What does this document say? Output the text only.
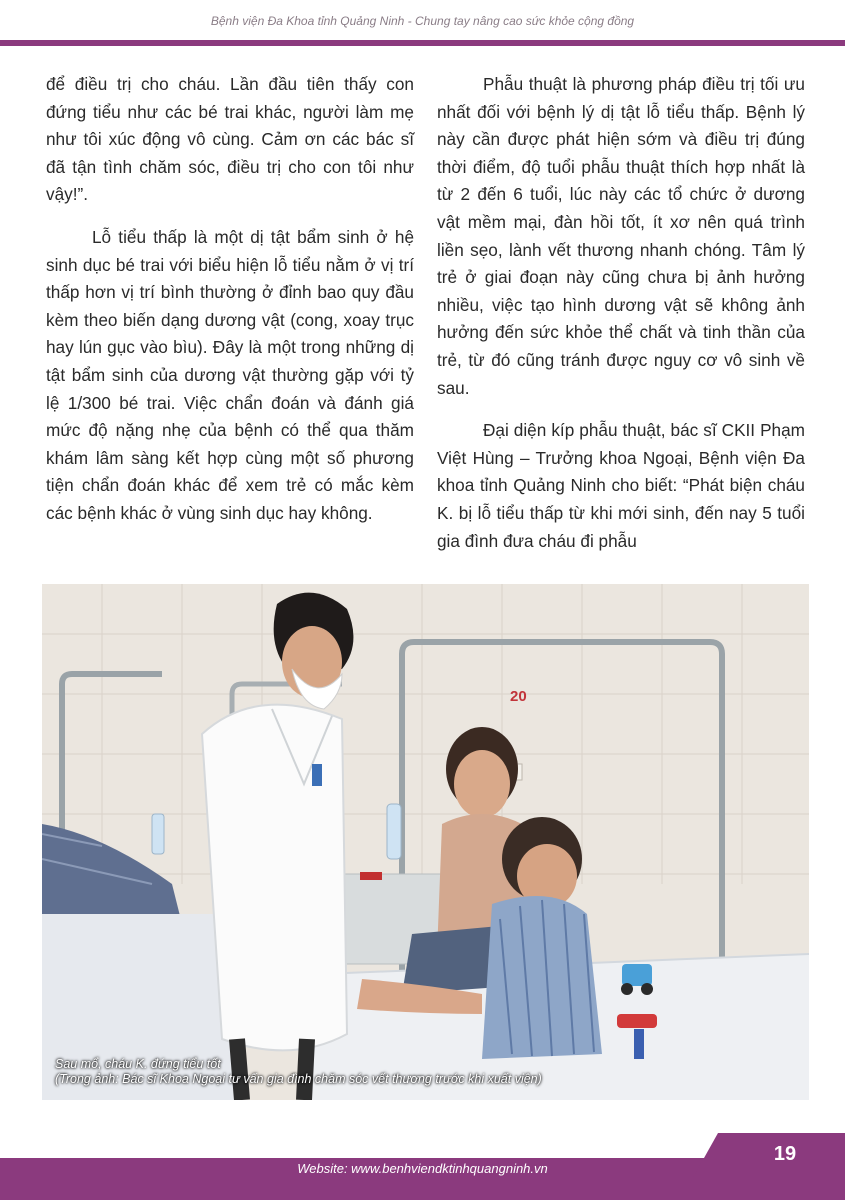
Bệnh viện Đa Khoa tỉnh Quảng Ninh - Chung tay nâng cao sức khỏe cộng đồng

để điều trị cho cháu. Lần đầu tiên thấy con đứng tiểu như các bé trai khác, người làm mẹ như tôi xúc động vô cùng. Cảm ơn các bác sĩ đã tận tình chăm sóc, điều trị cho con tôi như vậy!”.

Lỗ tiểu thấp là một dị tật bẩm sinh ở hệ sinh dục bé trai với biểu hiện lỗ tiểu nằm ở vị trí thấp hơn vị trí bình thường ở đỉnh bao quy đầu kèm theo biến dạng dương vật (cong, xoay trục hay lún gục vào bìu). Đây là một trong những dị tật bẩm sinh của dương vật thường gặp với tỷ lệ 1/300 bé trai. Việc chẩn đoán và đánh giá mức độ nặng nhẹ của bệnh có thể qua thăm khám lâm sàng kết hợp cùng một số phương tiện chẩn đoán khác để xem trẻ có mắc kèm các bệnh khác ở vùng sinh dục hay không.

Phẫu thuật là phương pháp điều trị tối ưu nhất đối với bệnh lý dị tật lỗ tiểu thấp. Bệnh lý này cần được phát hiện sớm và điều trị đúng thời điểm, độ tuổi phẫu thuật thích hợp nhất là từ 2 đến 6 tuổi, lúc này các tổ chức ở dương vật mềm mại, đàn hồi tốt, ít xơ nên quá trình liền sẹo, lành vết thương nhanh chóng. Tâm lý trẻ ở giai đoạn này cũng chưa bị ảnh hưởng nhiều, việc tạo hình dương vật sẽ không ảnh hưởng đến sức khỏe thể chất và tinh thần của trẻ, từ đó cũng tránh được nguy cơ vô sinh về sau.

Đại diện kíp phẫu thuật, bác sĩ CKII Phạm Việt Hùng – Trưởng khoa Ngoại, Bệnh viện Đa khoa tỉnh Quảng Ninh cho biết: “Phát biện cháu K. bị lỗ tiểu thấp từ khi mới sinh, đến nay 5 tuổi gia đình đưa cháu đi phẫu

20
Sau mổ, cháu K. đứng tiểu tốt
(Trong ảnh: Bác sĩ Khoa Ngoại tư vấn gia đình chăm sóc vết thương trước khi xuất viện)
19
Website: www.benhviendktinhquangninh.vn
